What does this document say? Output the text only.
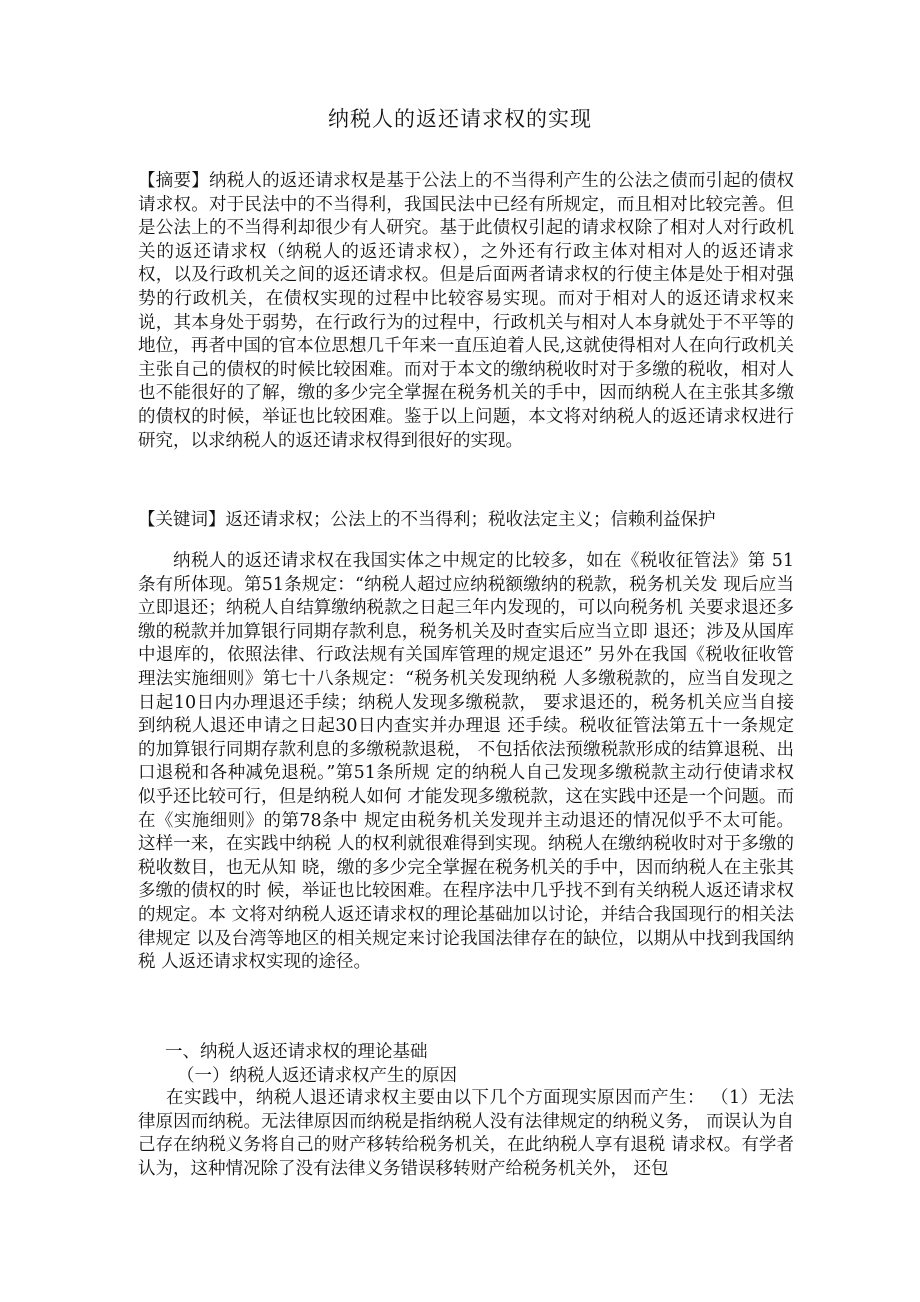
纳税人的返还请求权的实现

【摘要】纳税人的返还请求权是基于公法上的不当得利产生的公法之债而引起的债权请求权。对于民法中的不当得利，我国民法中已经有所规定，而且相对比较完善。但是公法上的不当得利却很少有人研究。基于此债权引起的请求权除了相对人对行政机关的返还请求权（纳税人的返还请求权），之外还有行政主体对相对人的返还请求权，以及行政机关之间的返还请求权。但是后面两者请求权的行使主体是处于相对强势的行政机关，在债权实现的过程中比较容易实现。而对于相对人的返还请求权来说，其本身处于弱势，在行政行为的过程中，行政机关与相对人本身就处于不平等的地位，再者中国的官本位思想几千年来一直压迫着人民,这就使得相对人在向行政机关主张自己的债权的时候比较困难。而对于本文的缴纳税收时对于多缴的税收，相对人也不能很好的了解，缴的多少完全掌握在税务机关的手中，因而纳税人在主张其多缴的债权的时候，举证也比较困难。鉴于以上问题，本文将对纳税人的返还请求权进行研究，以求纳税人的返还请求权得到很好的实现。

【关键词】返还请求权；公法上的不当得利；税收法定主义；信赖利益保护

纳税人的返还请求权在我国实体之中规定的比较多，如在《税收征管法》第 51条有所体现。第51条规定：“纳税人超过应纳税额缴纳的税款，税务机关发 现后应当立即退还；纳税人自结算缴纳税款之日起三年内发现的，可以向税务机 关要求退还多缴的税款并加算银行同期存款利息，税务机关及时查实后应当立即 退还；涉及从国库中退库的，依照法律、行政法规有关国库管理的规定退还” 另外在我国《税收征收管理法实施细则》第七十八条规定：“税务机关发现纳税 人多缴税款的，应当自发现之日起10日内办理退还手续；纳税人发现多缴税款， 要求退还的，税务机关应当自接到纳税人退还申请之日起30日内查实并办理退 还手续。税收征管法第五十一条规定的加算银行同期存款利息的多缴税款退税， 不包括依法预缴税款形成的结算退税、出口退税和各种减免退税。”第51条所规 定的纳税人自己发现多缴税款主动行使请求权似乎还比较可行，但是纳税人如何 才能发现多缴税款，这在实践中还是一个问题。而在《实施细则》的第78条中 规定由税务机关发现并主动退还的情况似乎不太可能。这样一来，在实践中纳税 人的权利就很难得到实现。纳税人在缴纳税收时对于多缴的税收数目，也无从知 晓，缴的多少完全掌握在税务机关的手中，因而纳税人在主张其多缴的债权的时 候，举证也比较困难。在程序法中几乎找不到有关纳税人返还请求权的规定。本 文将对纳税人返还请求权的理论基础加以讨论，并结合我国现行的相关法律规定 以及台湾等地区的相关规定来讨论我国法律存在的缺位，以期从中找到我国纳税 人返还请求权实现的途径。

一、纳税人返还请求权的理论基础
（一）纳税人返还请求权产生的原因

在实践中，纳税人退还请求权主要由以下几个方面现实原因而产生： （1）无法律原因而纳税。无法律原因而纳税是指纳税人没有法律规定的纳税义务， 而误认为自己存在纳税义务将自己的财产移转给税务机关，在此纳税人享有退税 请求权。有学者认为，这种情况除了没有法律义务错误移转财产给税务机关外， 还包
